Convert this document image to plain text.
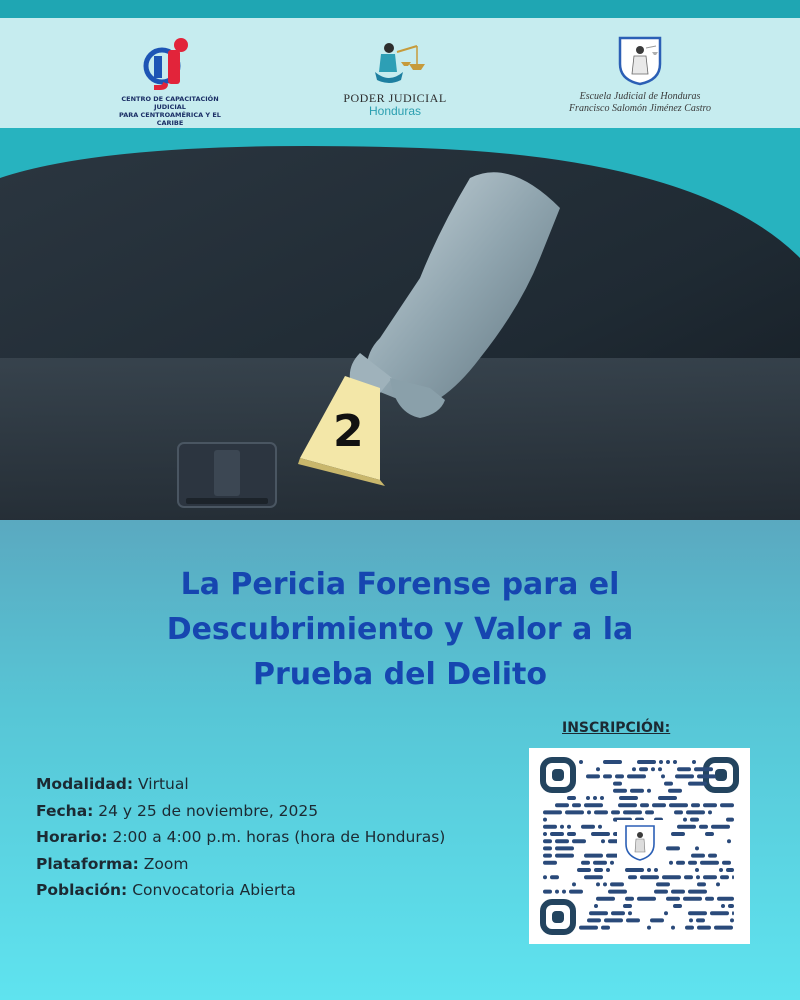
CENTRO DE CAPACITACIÓN JUDICIAL
PARA CENTROAMÉRICA Y EL CARIBE
PODER JUDICIAL
Honduras
Escuela Judicial de Honduras
Francisco Salomón Jiménez Castro
2
La Pericia Forense para el
Descubrimiento y Valor a la
Prueba del Delito
Modalidad: Virtual
Fecha: 24 y 25 de noviembre, 2025
Horario: 2:00 a 4:00 p.m. horas (hora de Honduras)
Plataforma: Zoom
Población: Convocatoria Abierta
INSCRIPCIÓN:
